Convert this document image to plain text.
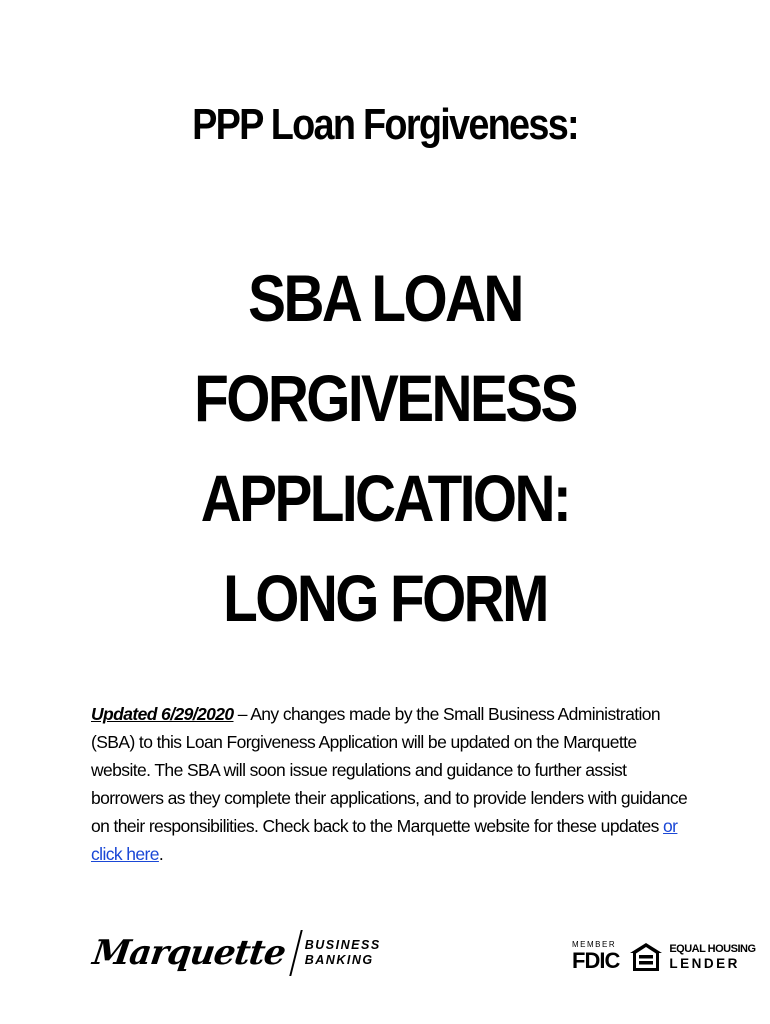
PPP Loan Forgiveness:
SBA LOAN
FORGIVENESS
APPLICATION:
LONG FORM

Updated 6/29/2020 – Any changes made by the Small Business Administration (SBA) to this Loan Forgiveness Application will be updated on the Marquette website. The SBA will soon issue regulations and guidance to further assist borrowers as they complete their applications, and to provide lenders with guidance on their responsibilities. Check back to the Marquette website for these updates or click here.

Marquette BUSINESS
BANKING
MEMBER
FDIC	EQUAL HOUSING
LENDER
